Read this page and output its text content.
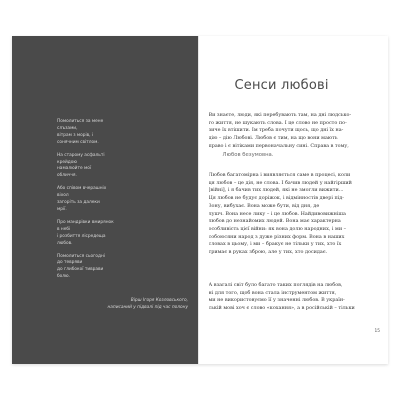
Помолиться за мене
слъзами,
вітрам з морів, і
сонячним світлом.
На старому асфальті
крейдою
намалюйте мої
обличчя.
Або співом вчерашніх
віхол
загоріть за далеки
мрії.
Про мандрівки вмирянок
в небі
і розбиття лісредеща
любов.
Помолиться сьогодні
до тевряви
до глибокої тиврави
болю.
Вірш Ігоря Козловського,
написаний у підвалі під час полону
Сенси любові
Ви знаєте, люди, які перебувають там, на дні людсько-
го життя, не шукають слова. І це слово не просто по-
зиче їх втішити. Їм треба почути щось, що дні їх на-
дію – дію Любові. Любов є тим, на що вони мають
право і є вітіками первоначальну сині. Справа в тому,
Любов безумовна.
Любов багатомірна і виявляється саме в процесі, коли
ця любов – це дія, не слова. І бачив людей у найгірший
[війні], і я бачив тих людей, які не змогли вижити...
Ця любов не будує доріжок, і відмінностів двері під-
Зону, вибухає. Вона може бути, від дня, де
лушч. Вона несе лику – і це любов. Найдивовижніша
любов до незнайомих людей. Вона має характерна
особливість цієї війни: як вона долю народних, і ми –
собоюсяни народ з дуже різних форм. Вона в наших
словах в цьому, і ми – бракує не тільки у тих, хто їх
тримає в руках зброю, але у тих, хто досидає.
А взагалі світ було багато таких поглядів на любов,
ні для того, щоб вона стала інструментом життя,
ми не використовуємо її у значенні любов. В україн-
ській мові хоч є слово «кохання», а в російській – тільки
15
